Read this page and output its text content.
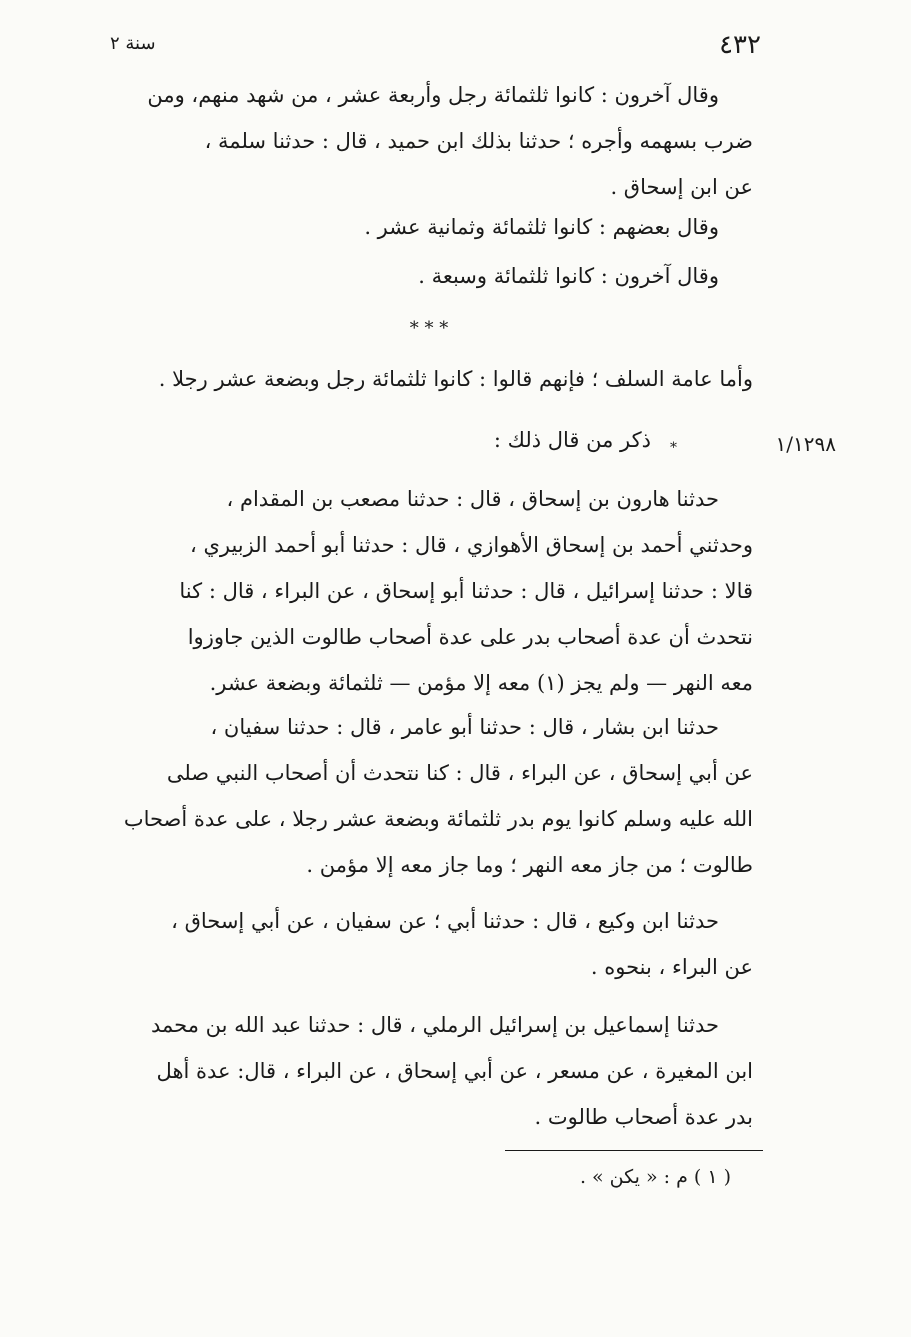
٤٣٢
سنة ٢
وقال آخرون : كانوا ثلثمائة رجل وأربعة عشر ، من شهد منهم، ومن
ضرب بسهمه وأجره ؛ حدثنا بذلك ابن حميد ، قال : حدثنا سلمة ،
عن ابن إسحاق .
وقال بعضهم : كانوا ثلثمائة وثمانية عشر .
وقال آخرون : كانوا ثلثمائة وسبعة .
* * *
وأما عامة السلف ؛ فإنهم قالوا : كانوا ثلثمائة رجل وبضعة عشر رجلا .
١/١٢٩٨
*
ذكر من قال ذلك :
حدثنا هارون بن إسحاق ، قال : حدثنا مصعب بن المقدام ،
وحدثني أحمد بن إسحاق الأهوازي ، قال : حدثنا أبو أحمد الزبيري ،
قالا : حدثنا إسرائيل ، قال : حدثنا أبو إسحاق ، عن البراء ، قال : كنا
نتحدث أن عدة أصحاب بدر على عدة أصحاب طالوت الذين جاوزوا
معه النهر — ولم يجز (١) معه إلا مؤمن — ثلثمائة وبضعة عشر.
حدثنا ابن بشار ، قال : حدثنا أبو عامر ، قال : حدثنا سفيان ،
عن أبي إسحاق ، عن البراء ، قال : كنا نتحدث أن أصحاب النبي صلى
الله عليه وسلم كانوا يوم بدر ثلثمائة وبضعة عشر رجلا ، على عدة أصحاب
طالوت ؛ من جاز معه النهر ؛ وما جاز معه إلا مؤمن .
حدثنا ابن وكيع ، قال : حدثنا أبي ؛ عن سفيان ، عن أبي إسحاق ،
عن البراء ، بنحوه .
حدثنا إسماعيل بن إسرائيل الرملي ، قال : حدثنا عبد الله بن محمد
ابن المغيرة ، عن مسعر ، عن أبي إسحاق ، عن البراء ، قال: عدة أهل
بدر عدة أصحاب طالوت .
( ١ ) م : « يكن » .
